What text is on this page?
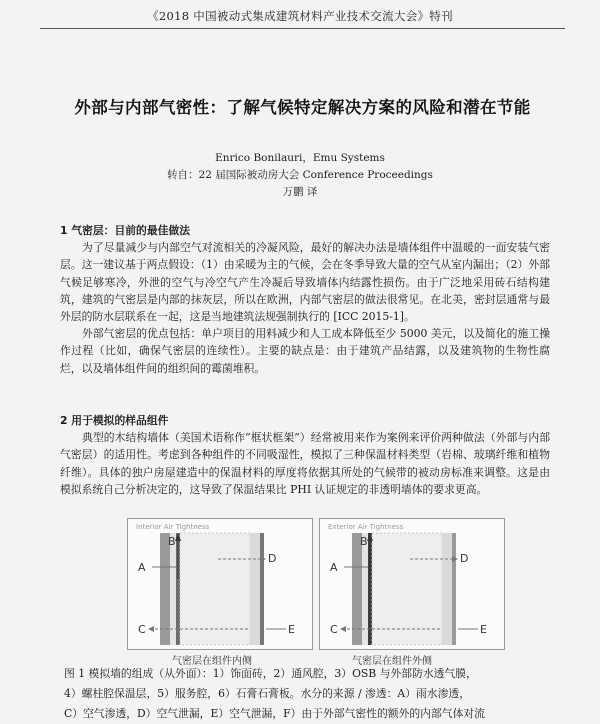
《2018 中国被动式集成建筑材料产业技术交流大会》特刊
外部与内部气密性：了解气候特定解决方案的风险和潜在节能
Enrico Bonilauri，Emu Systems
转自：22 届国际被动房大会 Conference Proceedings
万鹏 译

1 气密层：目前的最佳做法

为了尽量减少与内部空气对流相关的冷凝风险，最好的解决办法是墙体组件中温暖的一面安装气密层。这一建议基于两点假设：（1）由采暖为主的气候，会在冬季导致大量的空气从室内漏出；（2）外部气候足够寒冷，外泄的空气与冷空气产生冷凝后导致墙体内结露性损伤。由于广泛地采用砖石结构建筑，建筑的气密层是内部的抹灰层，所以在欧洲，内部气密层的做法很常见。在北美，密封层通常与最外层的防水层联系在一起，这是当地建筑法规强制执行的 [ICC 2015-1]。

外部气密层的优点包括：单户项目的用料减少和人工成本降低至少 5000 美元，以及简化的施工操作过程（比如，确保气密层的连续性）。主要的缺点是：由于建筑产品结露，以及建筑物的生物性腐烂，以及墙体组件间的组织间的霉菌堆积。

2 用于模拟的样品组件

典型的木结构墙体（美国术语称作“框状框架”）经常被用来作为案例来评价两种做法（外部与内部气密层）的适用性。考虑到各种组件的不同吸湿性，模拟了三种保温材料类型（岩棉、玻璃纤维和植物纤维）。具体的独户房屋建造中的保温材料的厚度将依据其所处的气候带的被动房标准来调整。这是由模拟系统自己分析决定的，这导致了保温结果比 PHI 认证规定的非透明墙体的要求更高。

Interior Air Tightness
B
A
D
C	E
Exterior Air Tightness
B
A
D
C	E
气密层在组件内侧	气密层在组件外侧
图 1 模拟墙的组成（从外面）：1）饰面砖，2）通风腔，3）OSB 与外部防水透气膜，
4）螺柱腔保温层，5）服务腔，6）石膏石膏板。水分的来源 / 渗透：A）雨水渗透，
C）空气渗透，D）空气泄漏，E）空气泄漏，F）由于外部气密性的额外的内部气体对流
